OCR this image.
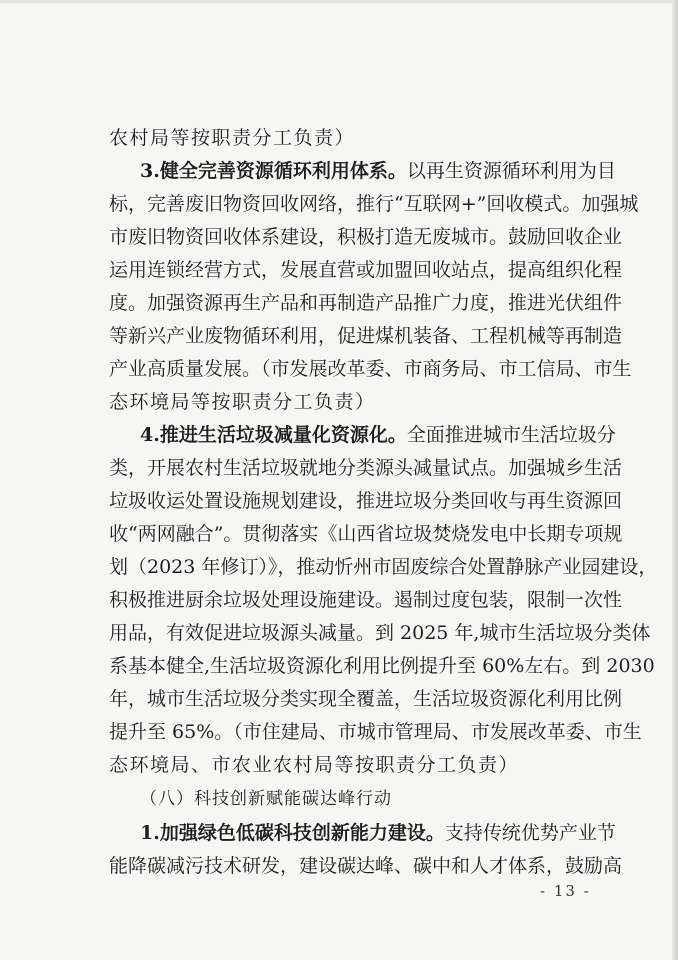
农村局等按职责分工负责）
3.健全完善资源循环利用体系。以再生资源循环利用为目
标，完善废旧物资回收网络，推行“互联网+”回收模式。加强城
市废旧物资回收体系建设，积极打造无废城市。鼓励回收企业
运用连锁经营方式，发展直营或加盟回收站点，提高组织化程
度。加强资源再生产品和再制造产品推广力度，推进光伏组件
等新兴产业废物循环利用，促进煤机装备、工程机械等再制造
产业高质量发展。（市发展改革委、市商务局、市工信局、市生
态环境局等按职责分工负责）
4.推进生活垃圾减量化资源化。全面推进城市生活垃圾分
类，开展农村生活垃圾就地分类源头减量试点。加强城乡生活
垃圾收运处置设施规划建设，推进垃圾分类回收与再生资源回
收“两网融合”。贯彻落实《山西省垃圾焚烧发电中长期专项规
划（2023 年修订）》，推动忻州市固废综合处置静脉产业园建设，
积极推进厨余垃圾处理设施建设。遏制过度包装，限制一次性
用品，有效促进垃圾源头减量。到 2025 年,城市生活垃圾分类体
系基本健全,生活垃圾资源化利用比例提升至 60%左右。到 2030
年，城市生活垃圾分类实现全覆盖，生活垃圾资源化利用比例
提升至 65%。（市住建局、市城市管理局、市发展改革委、市生
态环境局、市农业农村局等按职责分工负责）
（八）科技创新赋能碳达峰行动
1.加强绿色低碳科技创新能力建设。支持传统优势产业节
能降碳减污技术研发，建设碳达峰、碳中和人才体系，鼓励高
- 13 -
